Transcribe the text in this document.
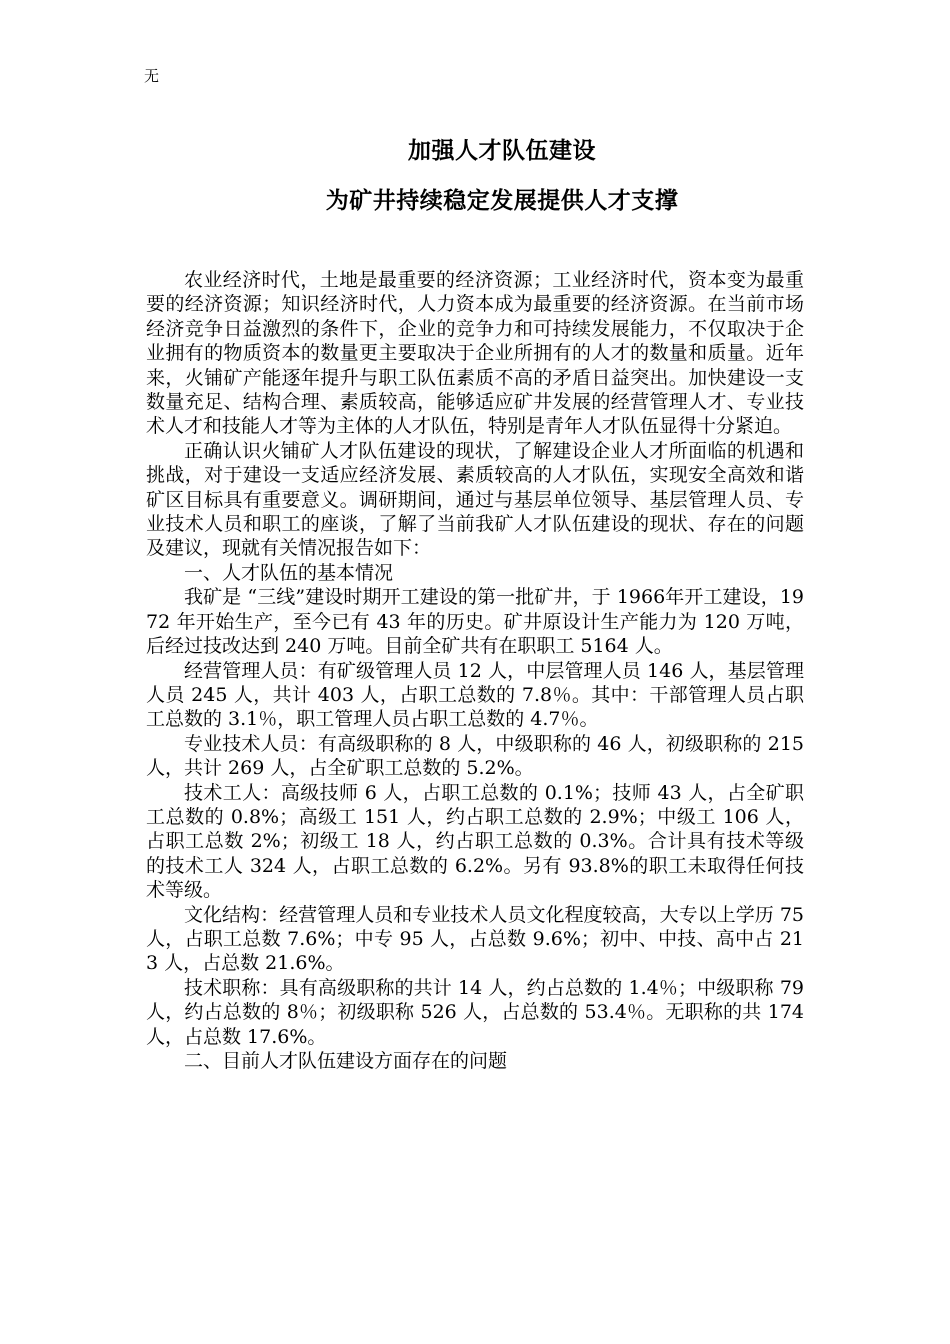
无
加强人才队伍建设
为矿井持续稳定发展提供人才支撑

农业经济时代，土地是最重要的经济资源；工业经济时代，资本变为最重要的经济资源；知识经济时代，人力资本成为最重要的经济资源。在当前市场经济竞争日益激烈的条件下，企业的竞争力和可持续发展能力，不仅取决于企业拥有的物质资本的数量更主要取决于企业所拥有的人才的数量和质量。近年来，火铺矿产能逐年提升与职工队伍素质不高的矛盾日益突出。加快建设一支数量充足、结构合理、素质较高，能够适应矿井发展的经营管理人才、专业技术人才和技能人才等为主体的人才队伍，特别是青年人才队伍显得十分紧迫。

正确认识火铺矿人才队伍建设的现状，了解建设企业人才所面临的机遇和挑战，对于建设一支适应经济发展、素质较高的人才队伍，实现安全高效和谐矿区目标具有重要意义。调研期间，通过与基层单位领导、基层管理人员、专业技术人员和职工的座谈，了解了当前我矿人才队伍建设的现状、存在的问题及建议，现就有关情况报告如下：

一、人才队伍的基本情况

我矿是 “三线”建设时期开工建设的第一批矿井，于 1966年开工建设，1972 年开始生产，至今已有 43 年的历史。矿井原设计生产能力为 120 万吨，后经过技改达到 240 万吨。目前全矿共有在职职工 5164 人。

经营管理人员：有矿级管理人员 12 人，中层管理人员 146 人，基层管理人员 245 人，共计 403 人，占职工总数的 7.8％。其中：干部管理人员占职工总数的 3.1％，职工管理人员占职工总数的 4.7％。

专业技术人员：有高级职称的 8 人，中级职称的 46 人，初级职称的 215 人，共计 269 人，占全矿职工总数的 5.2%。

技术工人：高级技师 6 人，占职工总数的 0.1%；技师 43 人，占全矿职工总数的 0.8%；高级工 151 人，约占职工总数的 2.9%；中级工 106 人，占职工总数 2%；初级工 18 人，约占职工总数的 0.3%。合计具有技术等级的技术工人 324 人，占职工总数的 6.2%。另有 93.8%的职工未取得任何技术等级。

文化结构：经营管理人员和专业技术人员文化程度较高，大专以上学历 75 人，占职工总数 7.6%；中专 95 人，占总数 9.6%；初中、中技、高中占 213 人，占总数 21.6%。

技术职称：具有高级职称的共计 14 人，约占总数的 1.4％；中级职称 79 人，约占总数的 8％；初级职称 526 人，占总数的 53.4％。无职称的共 174 人，占总数 17.6%。

二、目前人才队伍建设方面存在的问题
